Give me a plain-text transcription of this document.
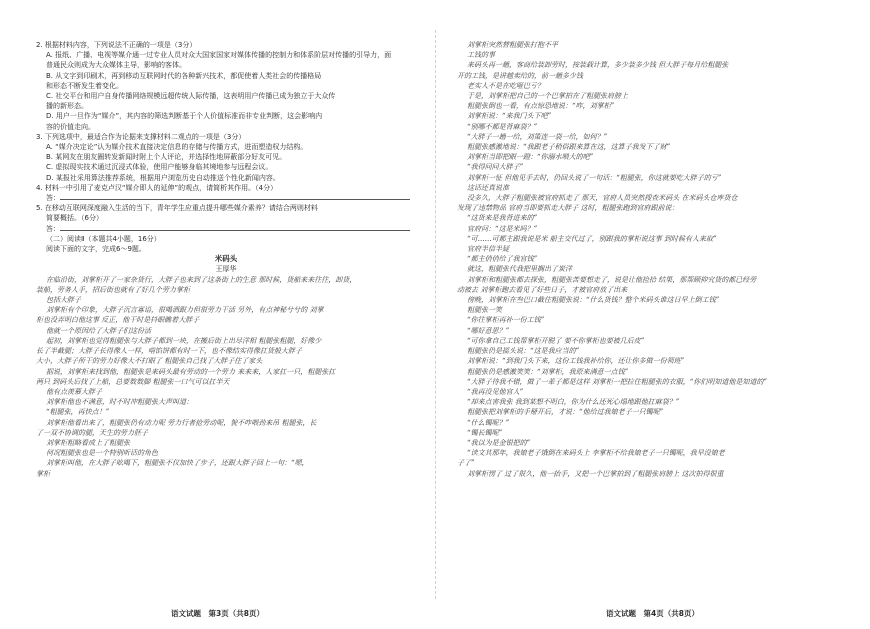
2. 根据材料内容，下列说法不正确的一项是（3分）
A. 报纸、广播、电视等媒介通一过专业人员对众大国家国家对媒体传播的控制力和体系阶层对传播的引导力，面
普通民众则成为大众媒体主导，影响的客体。
B. 从文字到印刷术，再到移动互联网时代的各种新兴技术，都促使着人类社会的传播格局
和形态不断发生着变化。
C. 社交平台和用户自身传播网络规模远超传统人际传播，这表明用户传播已成为独立于大众传
播的新形态。
D. 用户一旦作为“媒介”，其内容的筛选判断基于个人价值标准而非专业判断，这会影响内
容的价值走向。
3. 下列选项中，最适合作为论据来支撑材料二观点的一项是（3分）
A. “媒介决定论”认为媒介技术直接决定信息的存储与传播方式，进而塑造权力结构。
B. 某网友在朋友圈转发新闻时附上个人评论，并选择性地屏蔽部分好友可见。
C. 虚拟现实技术通过沉浸式体验，使用户能够身临其境地参与远程会议。
D. 某报社采用算法推荐系统，根据用户浏览历史自动推送个性化新闻内容。
4. 材料一中引用了麦克卢汉“媒介即人的延伸”的观点，请简析其作用。（4分）
答：
5. 在移动互联网深度融入生活的当下，青年学生应重点提升哪些媒介素养？请结合两则材料
简要概括。（6分）
答：
（二）阅读Ⅱ（本题共4小题，16分）
阅读下面的文字，完成6～9题。
米码头
王厚华
在临沿街，刘掌柜开了一家杂货行，大胖子也来到了这条街上的生意 那时候，货船来来往往，卸货，
装船，劳务人手，招后街也就有了好几个劳力掌柜
包括大胖子
刘掌柜有个印象，大胖子沉言寡语，很喝酒跟力但很劳力干活 另外，有点神秘兮兮的 刘掌
柜也没弄明白他这事 反正，他干时是抖眼瞧着大胖子
他就一个原因给了大胖子们这份活
起初，刘掌柜也觉得粗腿张与大胖子都到一块，在搬后街上出尽洋相 粗腿张粗腿，好像少
长了半截腿；大胖子长得像人一样，啃馅饼都有时一下，也不像结实得像扛货般大胖子
大小，大胖子所干的劳力好像大不打眼了 粗腿张自己找了大胖子住了家头
据说，刘掌柜来找到他，粗腿张是来码头最有劳动的一个劳力 来来来，人家扛一只，粗腿张扛
两只 到码头后找了上船，总要数数脚 粗腿张一口气可以扛半天
他有点羡慕大胖子
刘掌柜他也不满意，时不时冲粗腿张大声叫道：
“粗腿张，再快点！”
刘掌柜他看出来了，粗腿张仍有动力呢 劳力行者抢劳动呢，貌不咋喂劲来吊 粗腿张，长
了一双不协调的腿，天生的劳力胚子
刘掌柜粗略看成上了粗腿张
何况粗腿张也是一个特别听话的角色
刘掌柜叫他，在大胖子吆喝下，粗腿张不仅加快了步子，还跟大胖子回上一句：“嗯，
掌柜
语文试题　第3页（共8页）
刘掌柜突然替粗腿张打抱不平
工钱的事
来码头再一趟，客商给装卸劳时，按装载计算，多少装多少钱 但大胖子每月给粗腿张
开的工钱，是讲越卖给的，前一趟多少钱
老实人不是在吃哑巴亏？
于是，刘掌柜把自己的一个巴掌拍在了粗腿张肩膀上
粗腿张倒也一看，有点惊恐地说：“咋，刘掌柜”
刘掌柜说：“来我门头下吧”
“别哪不都是背麻袋？”
“大胖子一趟一给，刘策连一袋一给，如何？”
粗腿张感激地说：“我跟老子稍俗跟来算在这，这算子我发下了财”
刘掌柜当即把眼一蹬：“你溺水喂大的吧”
“我得问问大胖子”
刘掌柜一怔 但他见手去时，仍回头说了一句话：“粗腿张，你这就要吃大胖子的亏”
这话还真说准
没多久，大胖子粗腿张被官府抓走了 那天，官府人员突然搜查米码头 在米码头仓库货仓
发现了违禁物品 官府当即要抓走大胖子 这时，粗腿张跑到官府跟前说：
“这货来是我背进来的”
官府问：“这是米吗？”
“可……可都主跟我说是米 船主交代过了，别跟我的掌柜说这事 到时候有人来取”
官府半信半疑
“都主俏俏给了我官钱”
就这，粗腿张代我把里搁出了炭洋
刘掌柜和粗腿张都去探张，粗腿张苦要想走了，说是让他捡拾 结果，那帮顾抑究货的都已经劳
动被去 刘掌柜跑去看见了好些日子，才被官府放了出来
傍晚，刘掌柜在叁巴口截住粗腿张说：“什么货钱？整个米码头谁这日早上倒工钱”
粗腿张一笑
“你往掌柜再补一份工钱”
“哪好意思？”
“可你拿自己工钱帮掌柜开脱了 要不你掌柜也要被几后皮”
粗腿张仍是摇头说：“这是我应当的”
刘掌柜说：“到我门头下来，这份工钱我补给你，还让你多做一份领班”
粗腿张仍是感激笑笑：“刘掌柜，我原来满意一点钱”
“大胖子待我不错，做了一辈子都是这样 刘掌柜一把拉住粗腿张的衣服，“你们明知道他是知道的”
“我再没见他官人”
“却来点害我张 我到某想不明白，你为什么还死心塌地跟他扛麻袋？”
粗腿张把刘掌柜的手掰开后，才说：“他给过我娘老子一只镯呢”
“什么镯呢？”
“镯长镯呢”
“我以为是金银把的”
“读文其那年，我娘老子饿倒在来码头上 李掌柜不给我娘老子一只镯呢，我早没娘老
子了”
刘掌柜愣了 过了很久，他一抬手，又把一个巴掌拍到了粗腿张肩膀上 这次拍得很重
语文试题　第4页（共8页）
